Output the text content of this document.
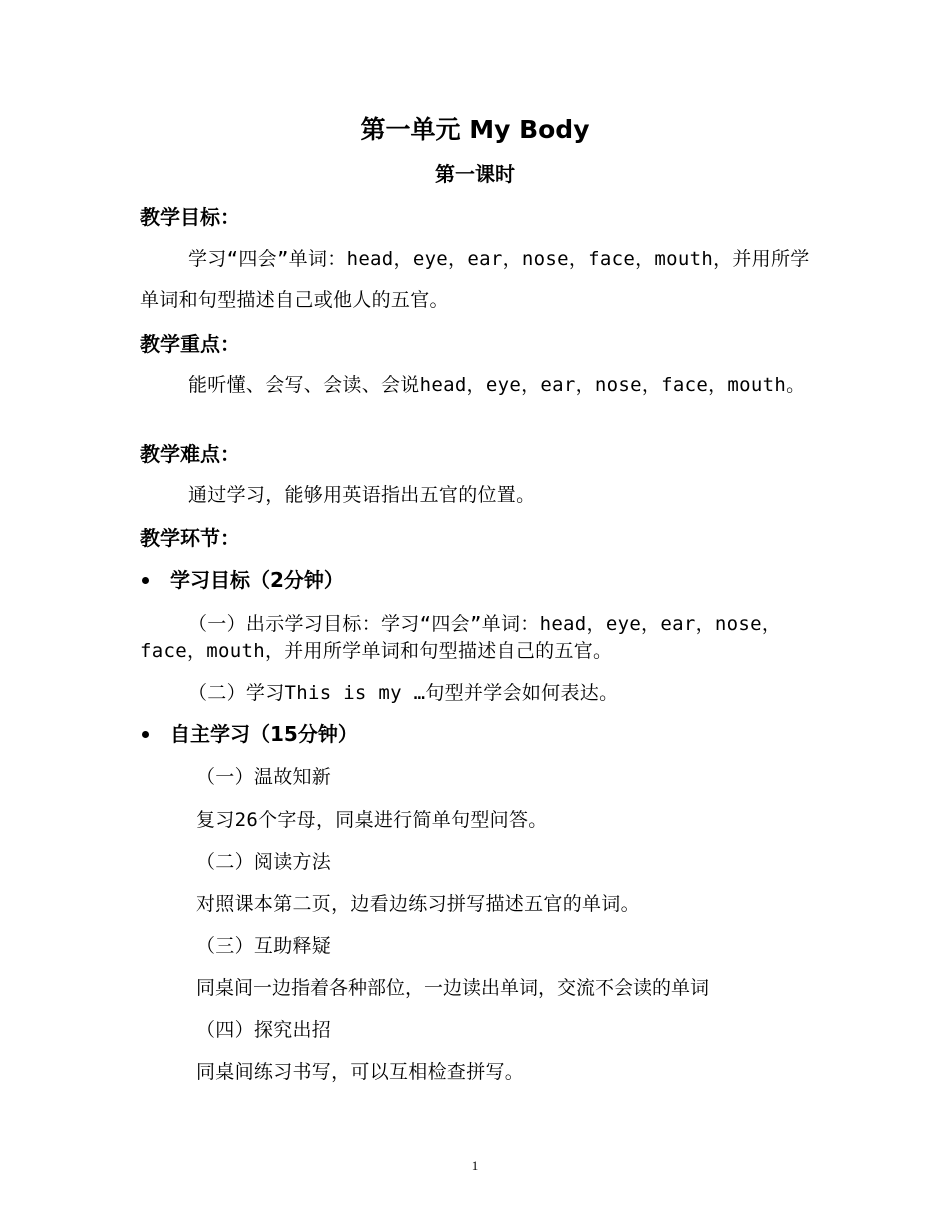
第一单元 My Body
第一课时
教学目标：
学习“四会”单词：head，eye，ear，nose，face，mouth，并用所学单词和句型描述自己或他人的五官。
教学重点：
能听懂、会写、会读、会说head，eye，ear，nose，face，mouth。
教学难点：
通过学习，能够用英语指出五官的位置。
教学环节：
学习目标（2分钟）
（一）出示学习目标：学习“四会”单词：head，eye，ear，nose，face，mouth，并用所学单词和句型描述自己的五官。
（二）学习This is my …句型并学会如何表达。
自主学习（15分钟）
（一）温故知新
复习26个字母，同桌进行简单句型问答。
（二）阅读方法
对照课本第二页，边看边练习拼写描述五官的单词。
（三）互助释疑
同桌间一边指着各种部位，一边读出单词，交流不会读的单词
（四）探究出招
同桌间练习书写，可以互相检查拼写。
1
